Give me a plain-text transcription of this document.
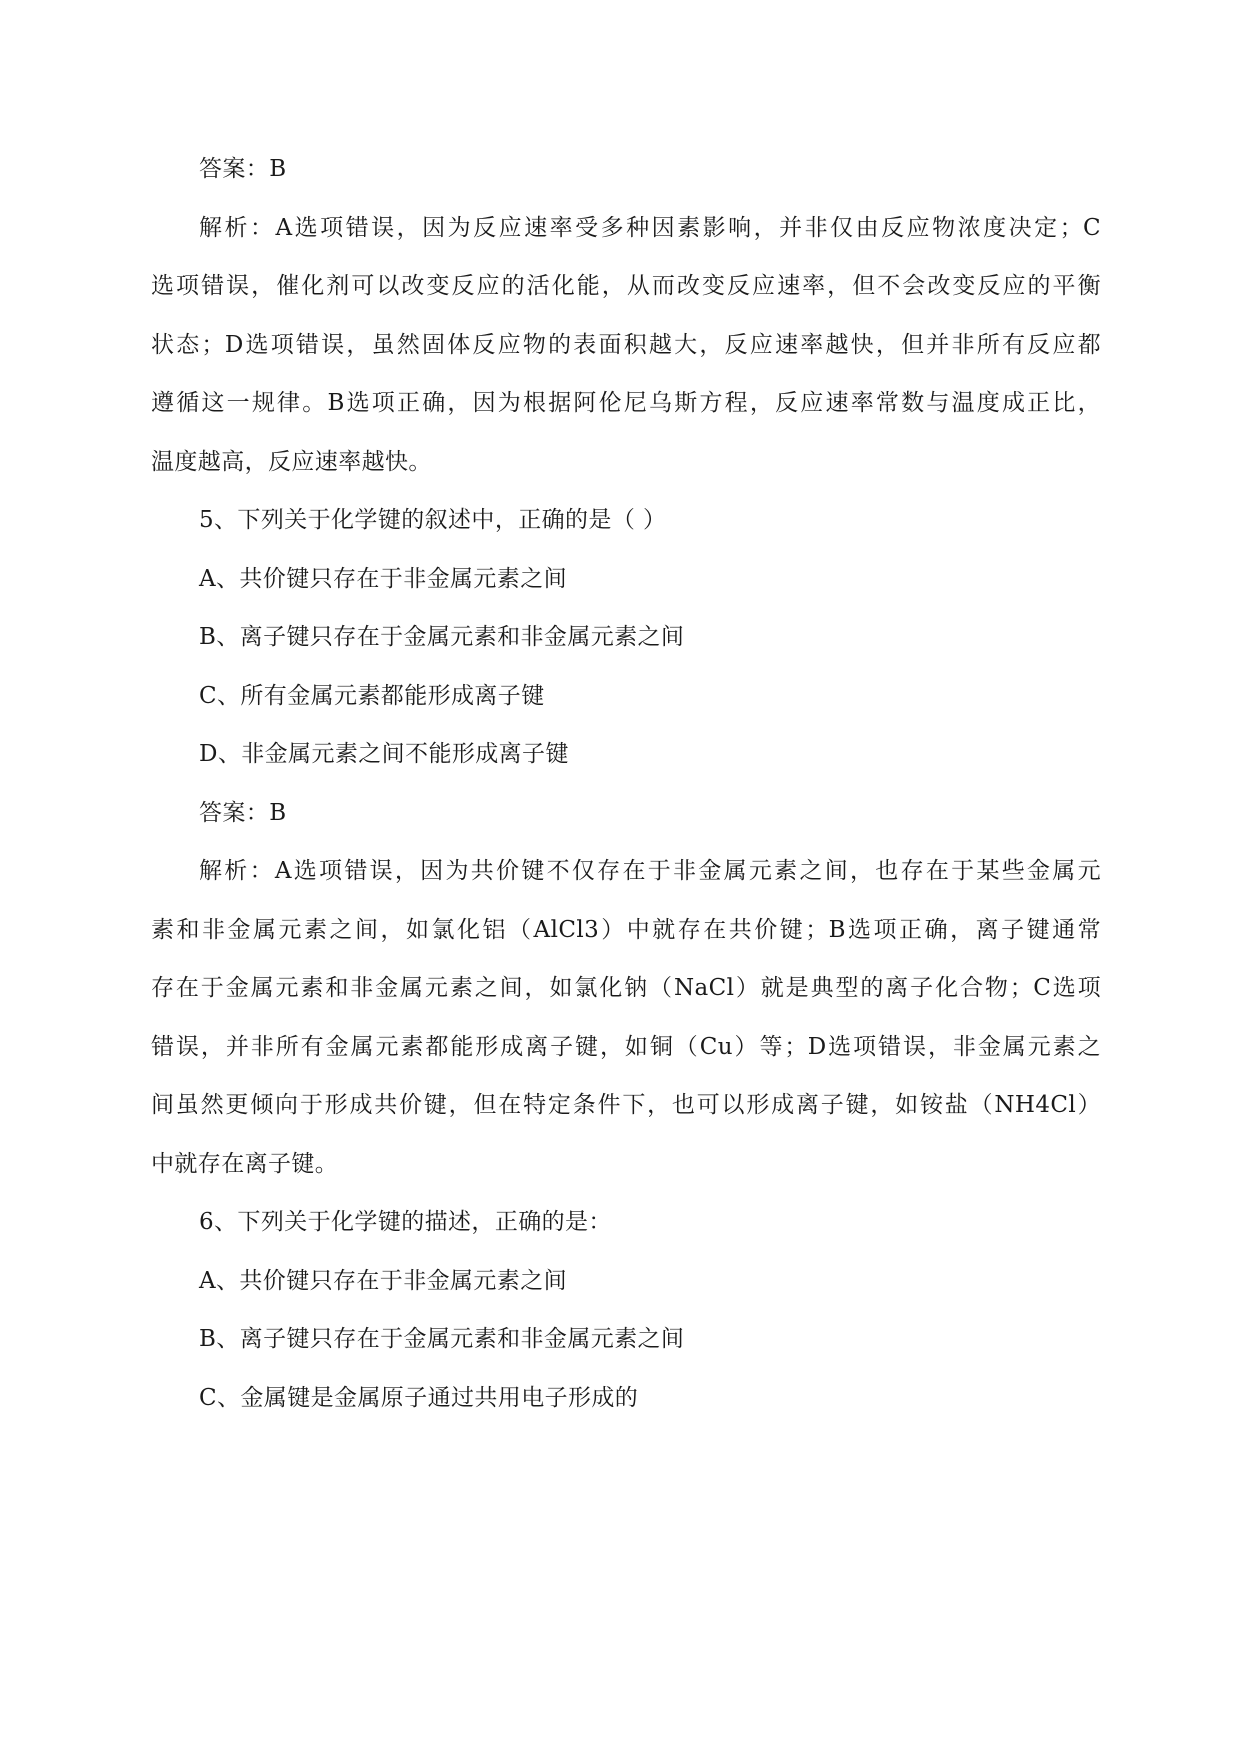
答案：B
解析：A选项错误，因为反应速率受多种因素影响，并非仅由反应物浓度决定；C
选项错误，催化剂可以改变反应的活化能，从而改变反应速率，但不会改变反应的平衡
状态；D选项错误，虽然固体反应物的表面积越大，反应速率越快，但并非所有反应都
遵循这一规律。B选项正确，因为根据阿伦尼乌斯方程，反应速率常数与温度成正比，
温度越高，反应速率越快。
5、下列关于化学键的叙述中，正确的是（ ）
A、共价键只存在于非金属元素之间
B、离子键只存在于金属元素和非金属元素之间
C、所有金属元素都能形成离子键
D、非金属元素之间不能形成离子键
答案：B
解析：A选项错误，因为共价键不仅存在于非金属元素之间，也存在于某些金属元
素和非金属元素之间，如氯化铝（AlCl3）中就存在共价键；B选项正确，离子键通常
存在于金属元素和非金属元素之间，如氯化钠（NaCl）就是典型的离子化合物；C选项
错误，并非所有金属元素都能形成离子键，如铜（Cu）等；D选项错误，非金属元素之
间虽然更倾向于形成共价键，但在特定条件下，也可以形成离子键，如铵盐（NH4Cl）
中就存在离子键。
6、下列关于化学键的描述，正确的是：
A、共价键只存在于非金属元素之间
B、离子键只存在于金属元素和非金属元素之间
C、金属键是金属原子通过共用电子形成的
